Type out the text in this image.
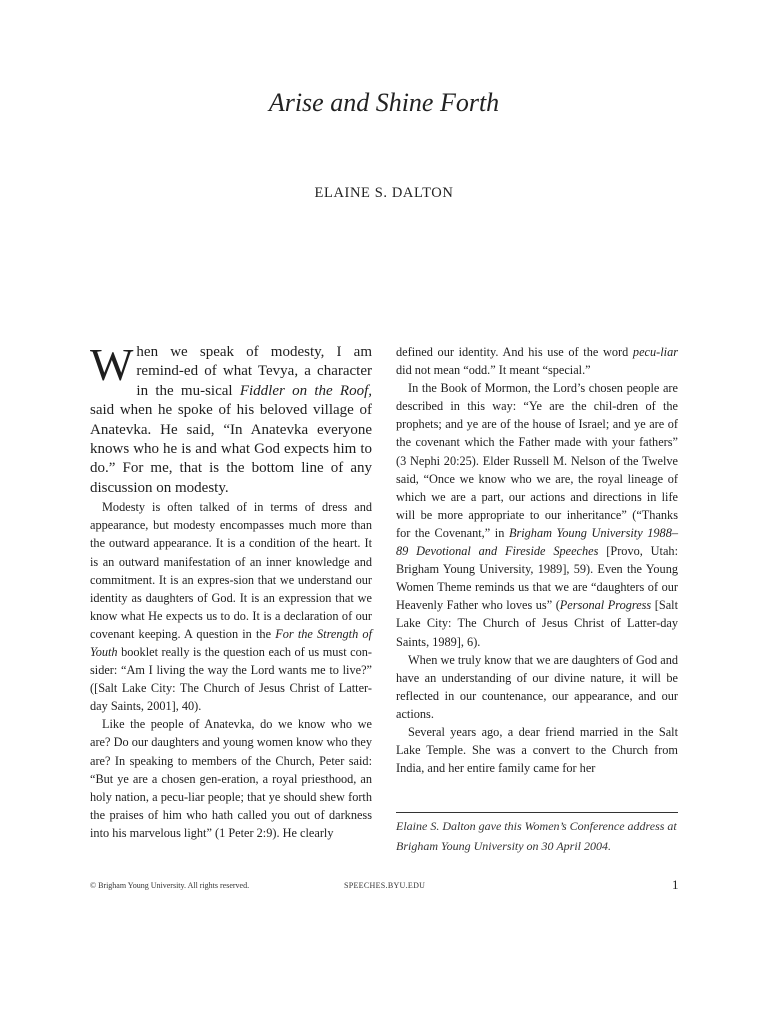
Arise and Shine Forth
ELAINE S. DALTON

When we speak of modesty, I am remind-ed of what Tevya, a character in the mu-sical Fiddler on the Roof, said when he spoke of his beloved village of Anatevka. He said, “In Anatevka everyone knows who he is and what God expects him to do.” For me, that is the bottom line of any discussion on modesty.

Modesty is often talked of in terms of dress and appearance, but modesty encompasses much more than the outward appearance. It is a condition of the heart. It is an outward manifestation of an inner knowledge and commitment. It is an expres-sion that we understand our identity as daughters of God. It is an expression that we know what He expects us to do. It is a declaration of our covenant keeping. A question in the For the Strength of Youth booklet really is the question each of us must con-sider: “Am I living the way the Lord wants me to live?” ([Salt Lake City: The Church of Jesus Christ of Latter-day Saints, 2001], 40).

Like the people of Anatevka, do we know who we are? Do our daughters and young women know who they are? In speaking to members of the Church, Peter said: “But ye are a chosen gen-eration, a royal priesthood, an holy nation, a pecu-liar people; that ye should shew forth the praises of him who hath called you out of darkness into his marvelous light” (1 Peter 2:9). He clearly

defined our identity. And his use of the word pecu-liar did not mean “odd.” It meant “special.”

In the Book of Mormon, the Lord’s chosen people are described in this way: “Ye are the chil-dren of the prophets; and ye are of the house of Israel; and ye are of the covenant which the Father made with your fathers” (3 Nephi 20:25). Elder Russell M. Nelson of the Twelve said, “Once we know who we are, the royal lineage of which we are a part, our actions and directions in life will be more appropriate to our inheritance” (“Thanks for the Covenant,” in Brigham Young University 1988–89 Devotional and Fireside Speeches [Provo, Utah: Brigham Young University, 1989], 59). Even the Young Women Theme reminds us that we are “daughters of our Heavenly Father who loves us” (Personal Progress [Salt Lake City: The Church of Jesus Christ of Latter-day Saints, 1989], 6).

When we truly know that we are daughters of God and have an understanding of our divine nature, it will be reflected in our countenance, our appearance, and our actions.

Several years ago, a dear friend married in the Salt Lake Temple. She was a convert to the Church from India, and her entire family came for her

Elaine S. Dalton gave this Women’s Conference address at Brigham Young University on 30 April 2004.

© Brigham Young University. All rights reserved.	SPEECHES.BYU.EDU	1
